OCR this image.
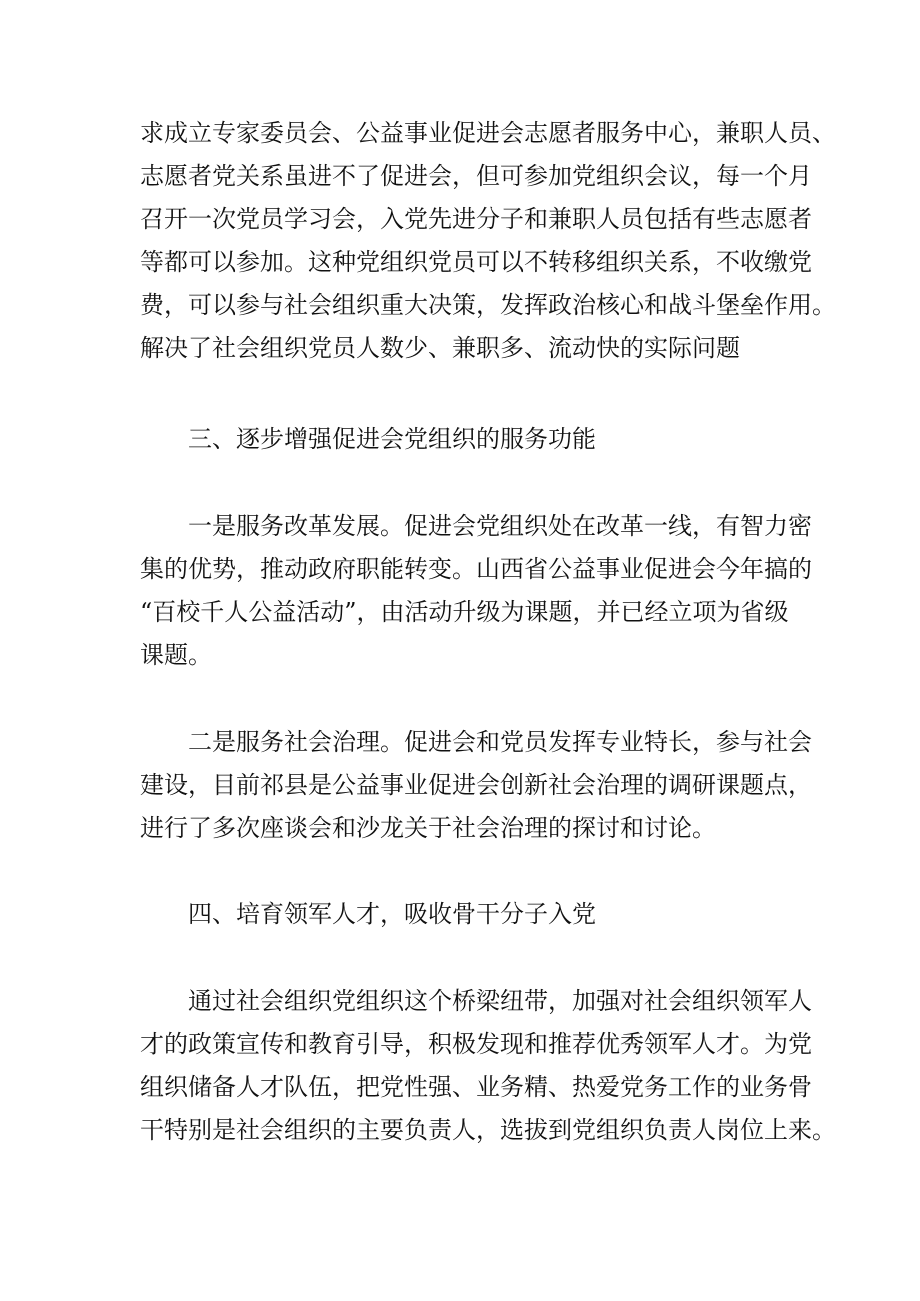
求成立专家委员会、公益事业促进会志愿者服务中心，兼职人员、
志愿者党关系虽进不了促进会，但可参加党组织会议，每一个月
召开一次党员学习会，入党先进分子和兼职人员包括有些志愿者
等都可以参加。这种党组织党员可以不转移组织关系，不收缴党
费，可以参与社会组织重大决策，发挥政治核心和战斗堡垒作用。
解决了社会组织党员人数少、兼职多、流动快的实际问题
三、逐步增强促进会党组织的服务功能
一是服务改革发展。促进会党组织处在改革一线，有智力密
集的优势，推动政府职能转变。山西省公益事业促进会今年搞的
“百校千人公益活动”，由活动升级为课题，并已经立项为省级
课题。
二是服务社会治理。促进会和党员发挥专业特长，参与社会
建设，目前祁县是公益事业促进会创新社会治理的调研课题点，
进行了多次座谈会和沙龙关于社会治理的探讨和讨论。
四、培育领军人才，吸收骨干分子入党
通过社会组织党组织这个桥梁纽带，加强对社会组织领军人
才的政策宣传和教育引导，积极发现和推荐优秀领军人才。为党
组织储备人才队伍，把党性强、业务精、热爱党务工作的业务骨
干特别是社会组织的主要负责人，选拔到党组织负责人岗位上来。
